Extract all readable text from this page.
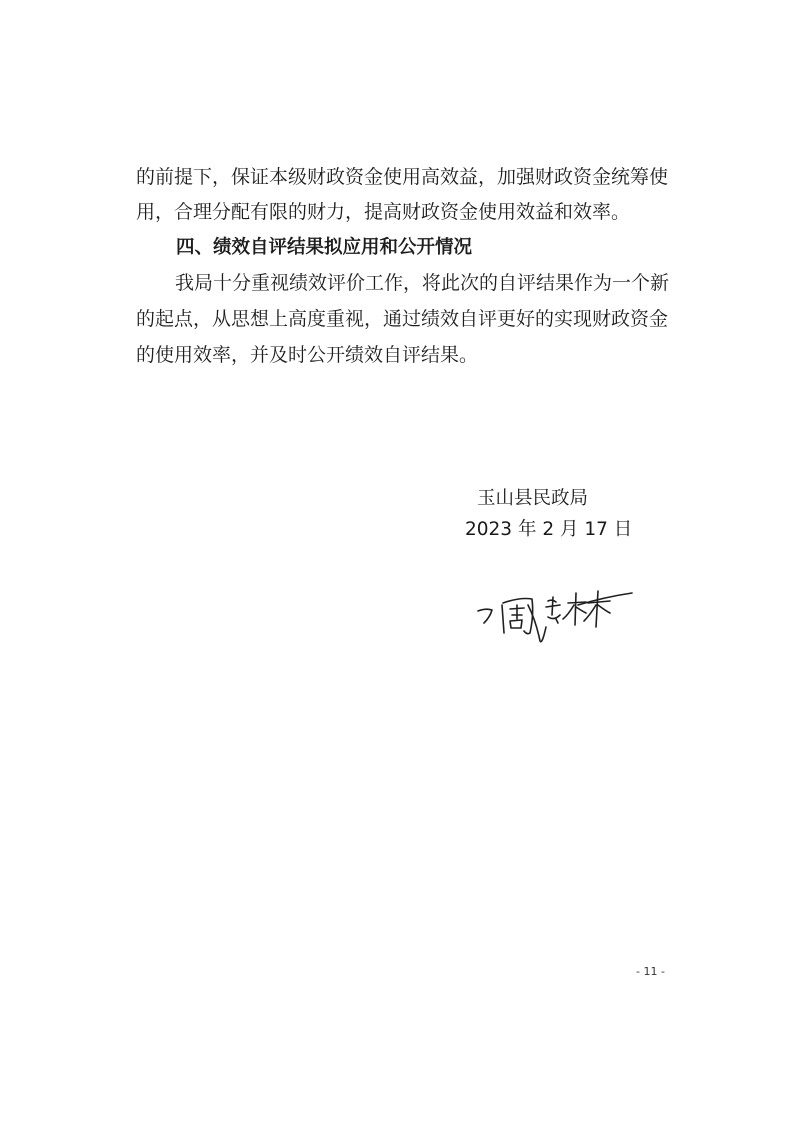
的前提下，保证本级财政资金使用高效益，加强财政资金统筹使
用，合理分配有限的财力，提高财政资金使用效益和效率。
四、绩效自评结果拟应用和公开情况
我局十分重视绩效评价工作，将此次的自评结果作为一个新
的起点，从思想上高度重视，通过绩效自评更好的实现财政资金
的使用效率，并及时公开绩效自评结果。
玉山县民政局
2023 年 2 月 17 日
- 11 -
